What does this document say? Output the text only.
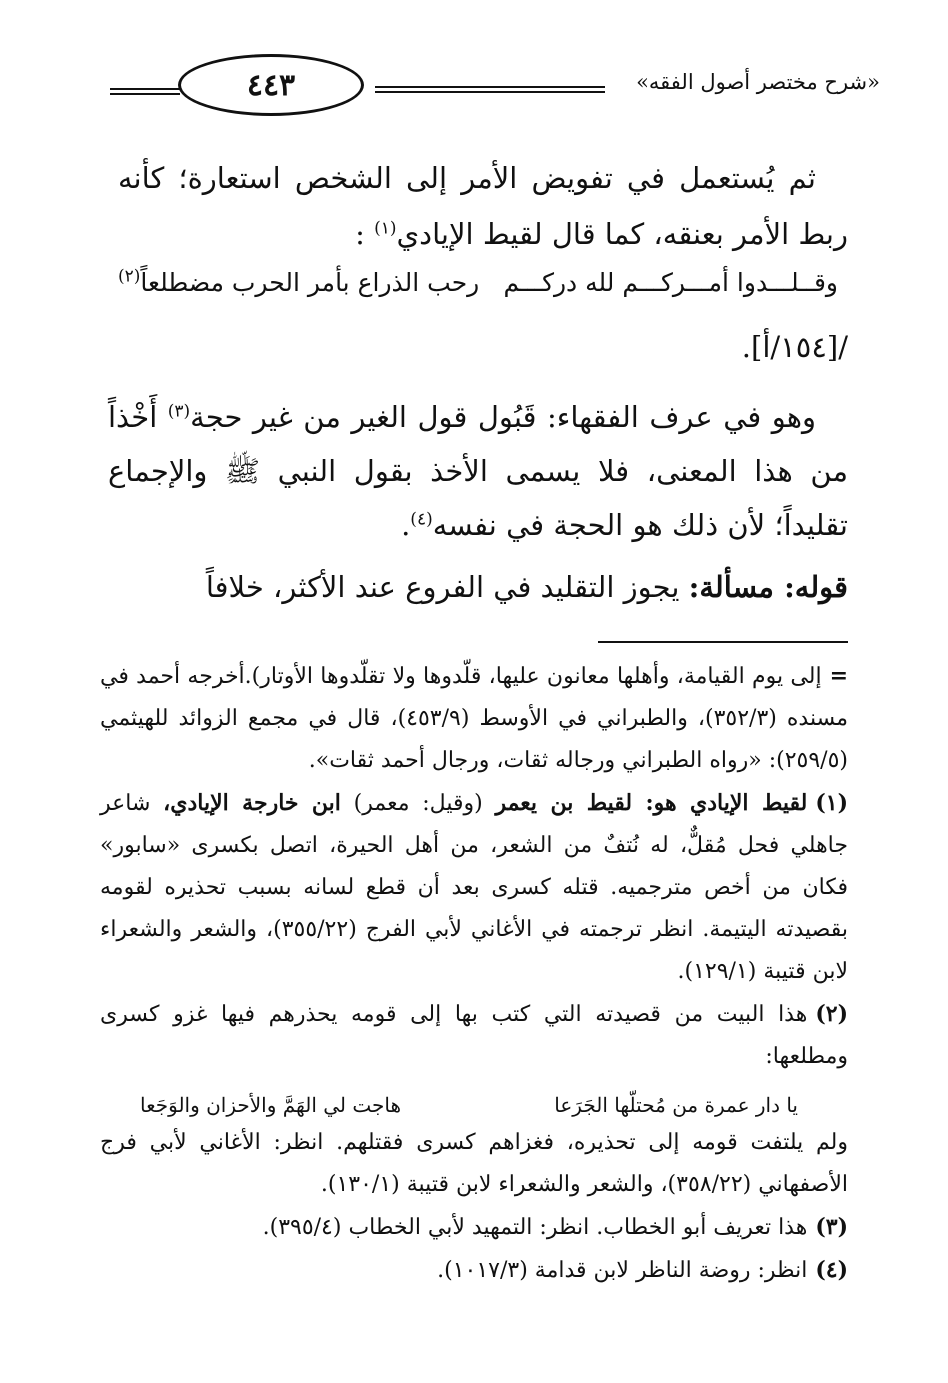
«شرح مختصر أصول الفقه»
٤٤٣

ثم يُستعمل في تفويض الأمر إلى الشخص استعارة؛ كأنه ربط الأمر بعنقه، كما قال لقيط الإيادي$^{(١)}$ :

وقــلـــدوا أمـــركـــم لله دركـــم
رحب الذراع بأمر الحرب مضطلعاً$^{(٢)}$
/[١٥٤/أ].

وهو في عرف الفقهاء: قَبُول قول الغير من غير حجة$^{(٣)}$ أَخْذاً من هذا المعنى، فلا يسمى الأخذ بقول النبي ﷺ والإجماع تقليداً؛ لأن ذلك هو الحجة في نفسه$^{(٤)}$.

قوله: مسألة: يجوز التقليد في الفروع عند الأكثر، خلافاً

=إلى يوم القيامة، وأهلها معانون عليها، قلّدوها ولا تقلّدوها الأوتار).أخرجه أحمد في مسنده (٣٥٢/٣)، والطبراني في الأوسط (٤٥٣/٩)، قال في مجمع الزوائد للهيثمي (٢٥٩/٥): «رواه الطبراني ورجاله ثقات، ورجال أحمد ثقات».

(١)لقيط الإيادي هو: لقيط بن يعمر (وقيل: معمر) ابن خارجة الإيادي، شاعر جاهلي فحل مُقلٌّ، له نُتفٌ من الشعر، من أهل الحيرة، اتصل بكسرى «سابور» فكان من أخص مترجميه. قتله كسرى بعد أن قطع لسانه بسبب تحذيره لقومه بقصيدته اليتيمة. انظر ترجمته في الأغاني لأبي الفرج (٣٥٥/٢٢)، والشعر والشعراء لابن قتيبة (١٢٩/١).

(٢)هذا البيت من قصيدته التي كتب بها إلى قومه يحذرهم فيها غزو كسرى ومطلعها:

يا دار عمرة من مُحتلّها الجَرَعا
هاجت لي الهَمَّ والأحزان والوَجَعا

ولم يلتفت قومه إلى تحذيره، فغزاهم كسرى فقتلهم. انظر: الأغاني لأبي فرج الأصفهاني (٣٥٨/٢٢)، والشعر والشعراء لابن قتيبة (١٣٠/١).

(٣)هذا تعريف أبو الخطاب. انظر: التمهيد لأبي الخطاب (٣٩٥/٤).

(٤)انظر: روضة الناظر لابن قدامة (١٠١٧/٣).
